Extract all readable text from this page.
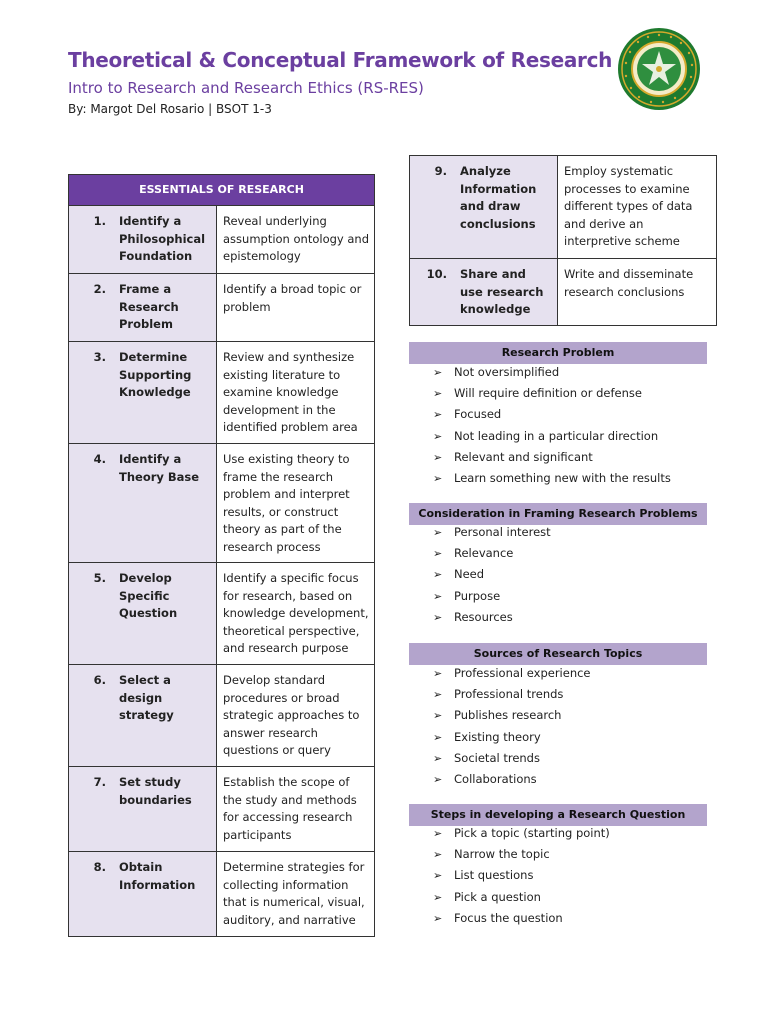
Theoretical & Conceptual Framework of Research
Intro to Research and Research Ethics (RS-RES)
By: Margot Del Rosario | BSOT 1-3
ESSENTIALS OF RESEARCH	

1. Identify a Philosophical Foundation	Reveal underlying assumption ontology and epistemology

2. Frame a Research Problem	Identify a broad topic or problem

3. Determine Supporting Knowledge	Review and synthesize existing literature to examine knowledge development in the identified problem area

4. Identify a Theory Base	Use existing theory to frame the research problem and interpret results, or construct theory as part of the research process

5. Develop Specific Question	Identify a specific focus for research, based on knowledge development, theoretical perspective, and research purpose

6. Select a design strategy	Develop standard procedures or broad strategic approaches to answer research questions or query

7. Set study boundaries	Establish the scope of the study and methods for accessing research participants

8. Obtain Information	Determine strategies for collecting information that is numerical, visual, auditory, and narrative
9. Analyze Information and draw conclusions	Employ systematic processes to examine different types of data and derive an interpretive scheme

10. Share and use research knowledge	Write and disseminate research conclusions
Research Problem
➢ Not oversimplified
➢ Will require definition or defense
➢ Focused
➢ Not leading in a particular direction
➢ Relevant and significant
➢ Learn something new with the results
Consideration in Framing Research Problems
➢ Personal interest
➢ Relevance
➢ Need
➢ Purpose
➢ Resources
Sources of Research Topics
➢ Professional experience
➢ Professional trends
➢ Publishes research
➢ Existing theory
➢ Societal trends
➢ Collaborations
Steps in developing a Research Question
➢ Pick a topic (starting point)
➢ Narrow the topic
➢ List questions
➢ Pick a question
➢ Focus the question
